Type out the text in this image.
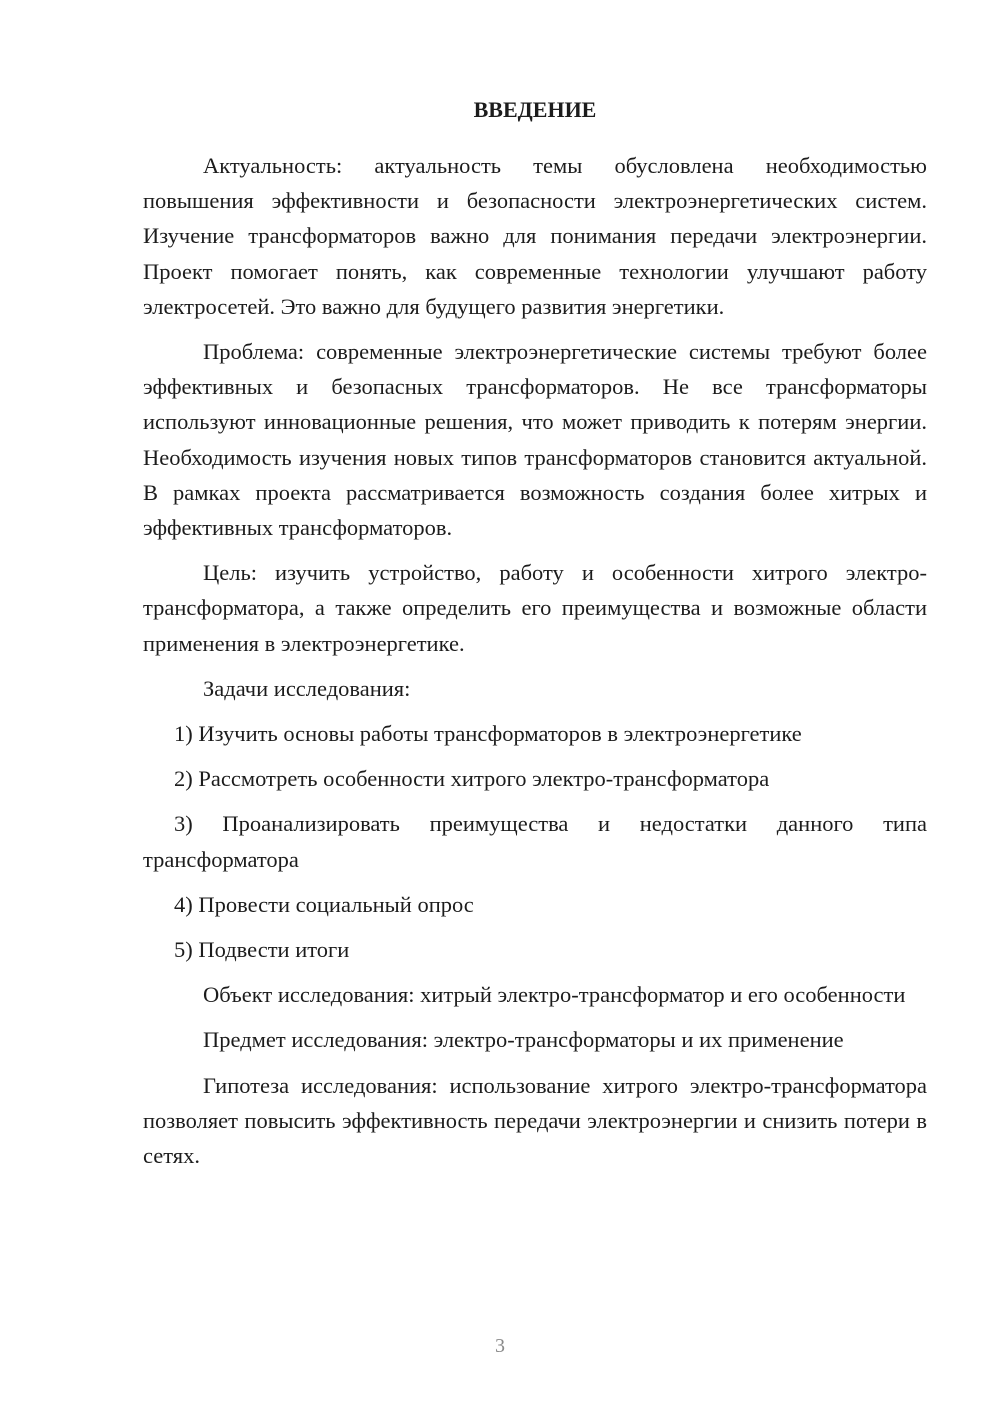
ВВЕДЕНИЕ

Актуальность: актуальность темы обусловлена необходимостью повышения эффективности и безопасности электроэнергетических систем. Изучение трансформаторов важно для понимания передачи электроэнергии. Проект помогает понять, как современные технологии улучшают работу электросетей. Это важно для будущего развития энергетики.

Проблема: современные электроэнергетические системы требуют более эффективных и безопасных трансформаторов. Не все трансформаторы используют инновационные решения, что может приводить к потерям энергии. Необходимость изучения новых типов трансформаторов становится актуальной. В рамках проекта рассматривается возможность создания более хитрых и эффективных трансформаторов.

Цель: изучить устройство, работу и особенности хитрого электро-трансформатора, а также определить его преимущества и возможные области применения в электроэнергетике.

Задачи исследования:

1) Изучить основы работы трансформаторов в электроэнергетике

2) Рассмотреть особенности хитрого электро-трансформатора

3) Проанализировать преимущества и недостатки данного типа трансформатора

4) Провести социальный опрос

5) Подвести итоги

Объект исследования: хитрый электро-трансформатор и его особенности

Предмет исследования: электро-трансформаторы и их применение

Гипотеза исследования: использование хитрого электро-трансформатора позволяет повысить эффективность передачи электроэнергии и снизить потери в сетях.

3
